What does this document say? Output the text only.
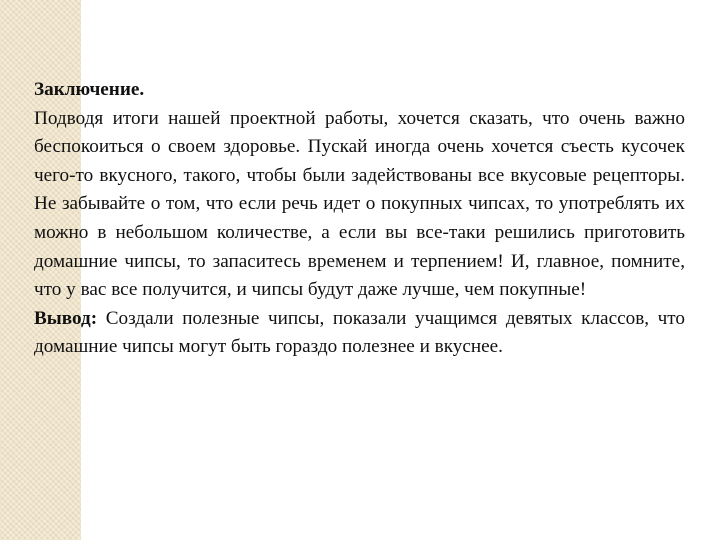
Заключение.

Подводя итоги нашей проектной работы, хочется сказать, что очень важно беспокоиться о своем здоровье. Пускай иногда очень хочется съесть кусочек чего-то вкусного, такого, чтобы были задействованы все вкусовые рецепторы. Не забывайте о том, что если речь идет о покупных чипсах, то употреблять их можно в небольшом количестве, а если вы все-таки решились приготовить домашние чипсы, то запаситесь временем и терпением! И, главное, помните, что у вас все получится, и чипсы будут даже лучше, чем покупные!

Вывод: Создали полезные чипсы, показали учащимся девятых классов, что домашние чипсы могут быть гораздо полезнее и вкуснее.
